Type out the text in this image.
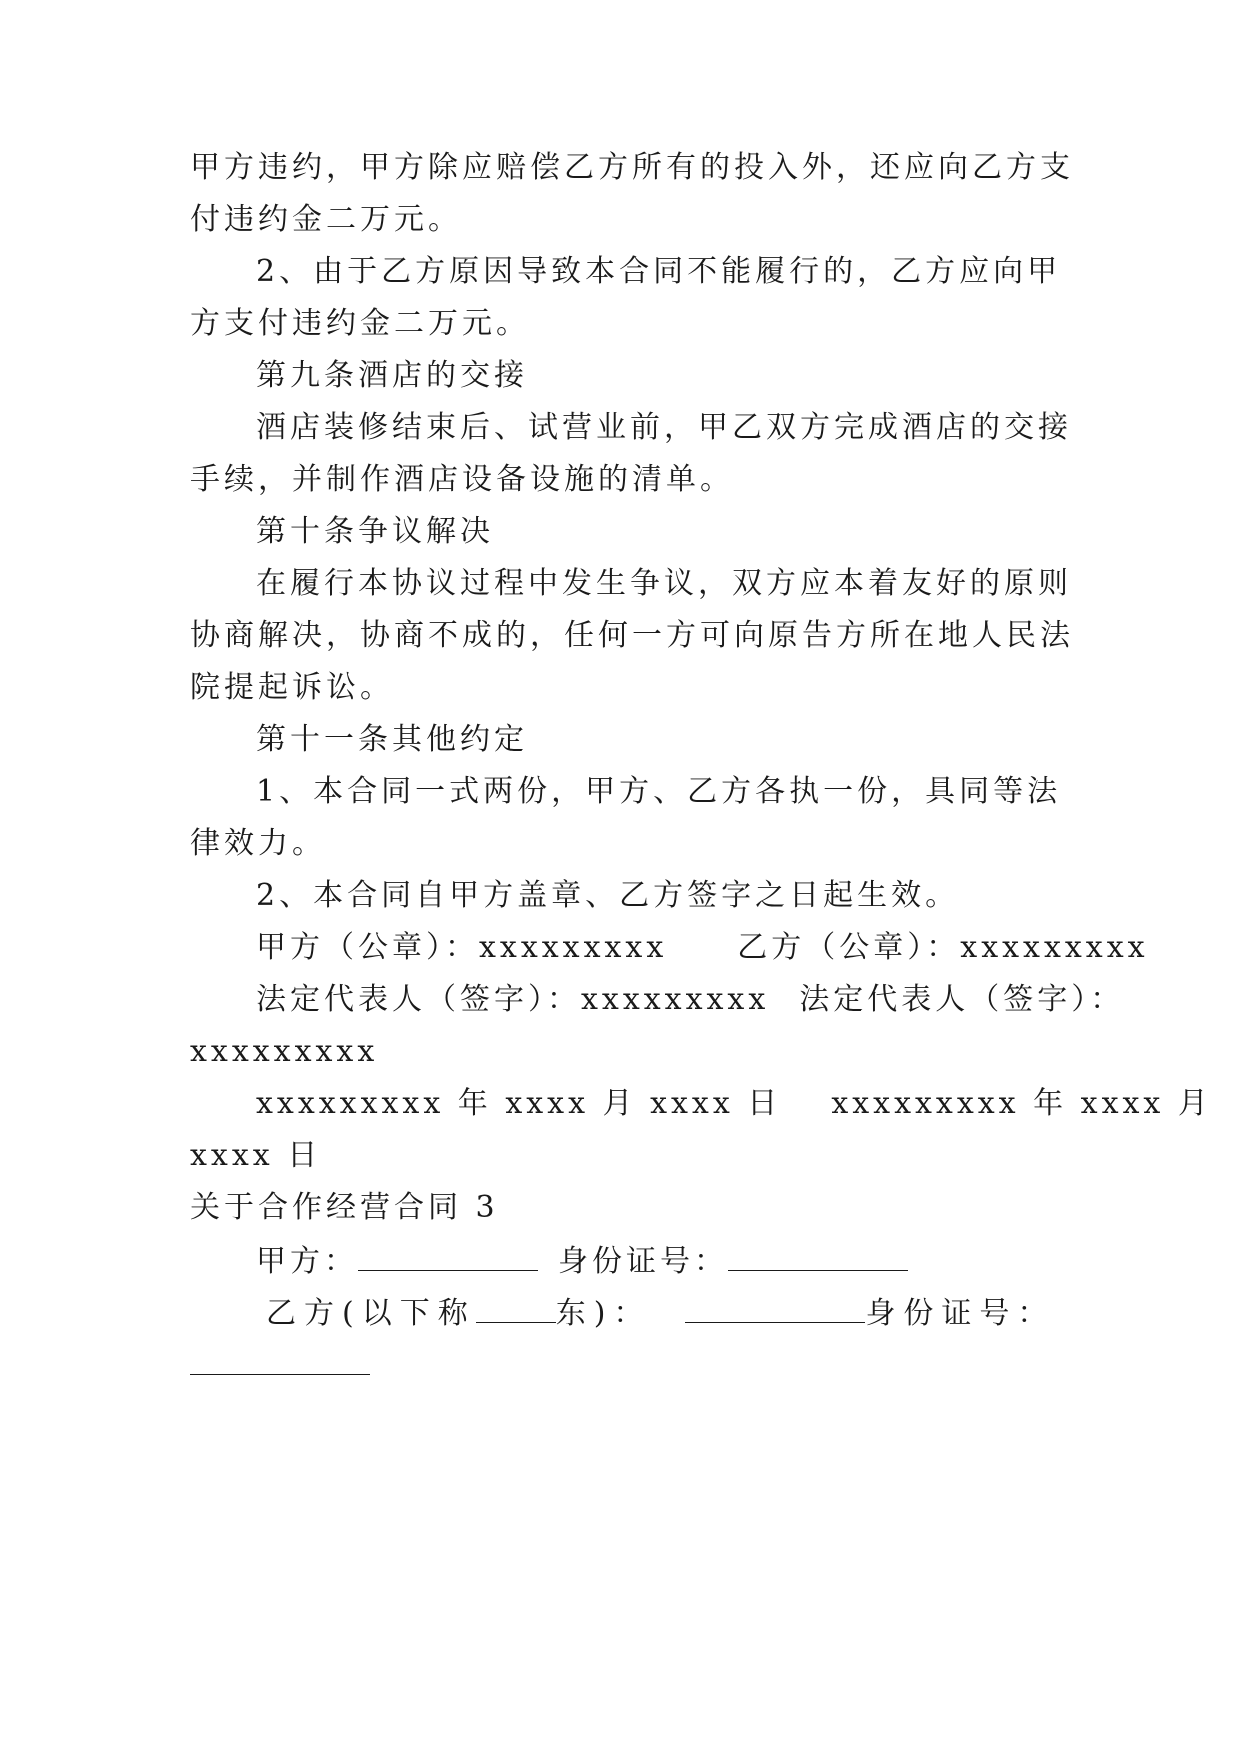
甲方违约，甲方除应赔偿乙方所有的投入外，还应向乙方支
付违约金二万元。
2、由于乙方原因导致本合同不能履行的，乙方应向甲
方支付违约金二万元。
第九条酒店的交接
酒店装修结束后、试营业前，甲乙双方完成酒店的交接
手续，并制作酒店设备设施的清单。
第十条争议解决
在履行本协议过程中发生争议，双方应本着友好的原则
协商解决，协商不成的，任何一方可向原告方所在地人民法
院提起诉讼。
第十一条其他约定
1、本合同一式两份，甲方、乙方各执一份，具同等法
律效力。
2、本合同自甲方盖章、乙方签字之日起生效。
甲方（公章）：xxxxxxxxx 乙方（公章）：xxxxxxxxx
法定代表人（签字）：xxxxxxxxx 法定代表人（签字）：
xxxxxxxxx
xxxxxxxxx 年 xxxx 月 xxxx 日 xxxxxxxxx 年 xxxx 月
xxxx 日
关于合作经营合同 3
甲方：	身份证号：
乙方(以下称	东)：	身份证号：
